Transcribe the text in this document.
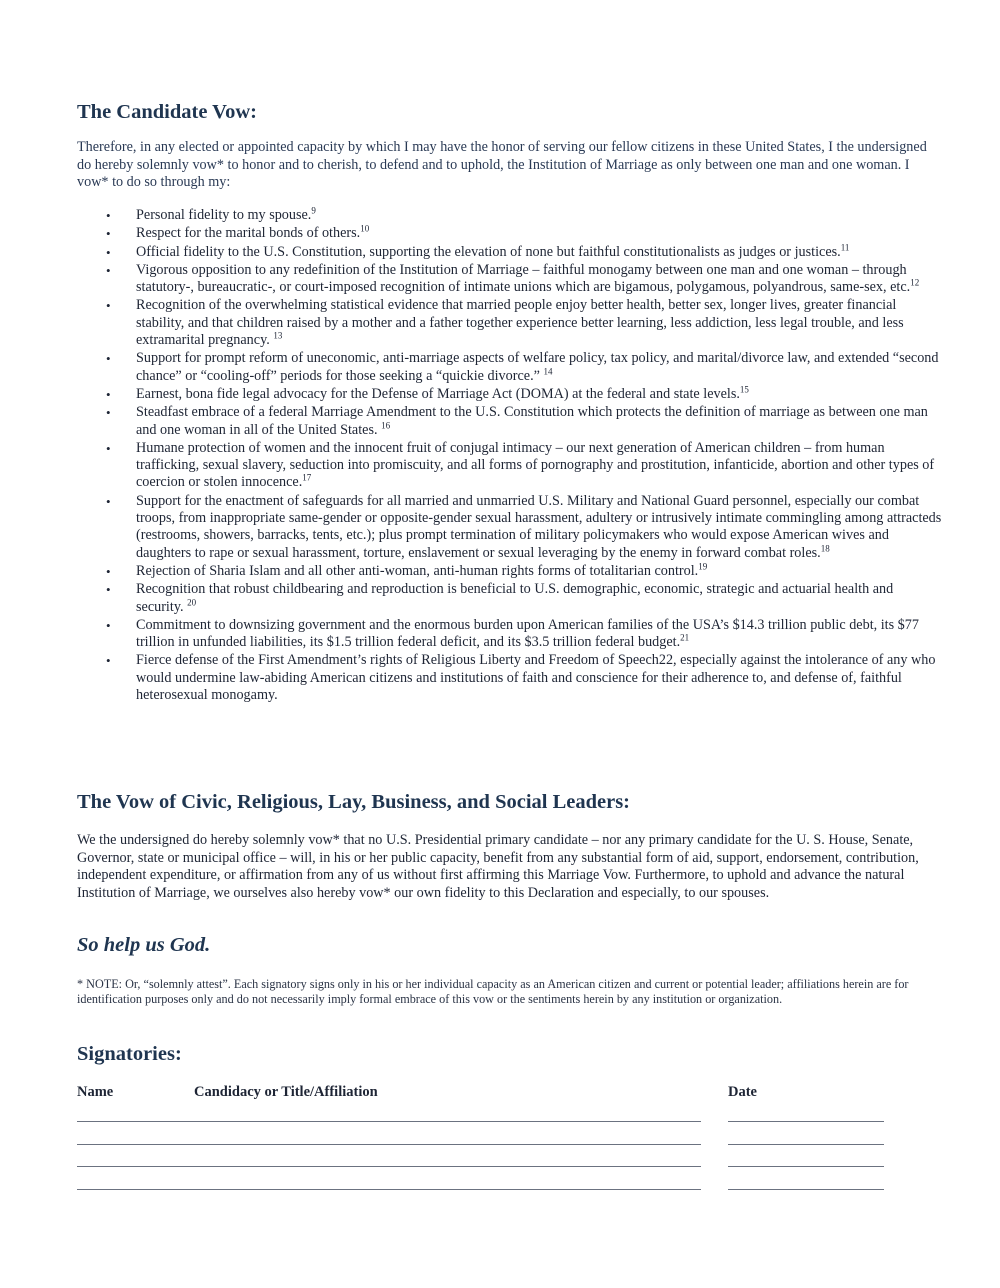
The Candidate Vow:

Therefore, in any elected or appointed capacity by which I may have the honor of serving our fellow citizens in these United States, I the undersigned do hereby solemnly vow* to honor and to cherish, to defend and to uphold, the Institution of Marriage as only between one man and one woman. I vow* to do so through my:

• Personal fidelity to my spouse.$^9$
• Respect for the marital bonds of others.$^{10}$
• Official fidelity to the U.S. Constitution, supporting the elevation of none but faithful constitutionalists as judges or justices.$^{11}$
• Vigorous opposition to any redefinition of the Institution of Marriage – faithful monogamy between one man and one woman – through statutory-, bureaucratic-, or court-imposed recognition of intimate unions which are bigamous, polygamous, polyandrous, same-sex, etc.$^{12}$
• Recognition of the overwhelming statistical evidence that married people enjoy better health, better sex, longer lives, greater financial stability, and that children raised by a mother and a father together experience better learning, less addiction, less legal trouble, and less extramarital pregnancy. $^{13}$
• Support for prompt reform of uneconomic, anti-marriage aspects of welfare policy, tax policy, and marital/divorce law, and extended “second chance” or “cooling-off” periods for those seeking a “quickie divorce.” $^{14}$
• Earnest, bona fide legal advocacy for the Defense of Marriage Act (DOMA) at the federal and state levels.$^{15}$
• Steadfast embrace of a federal Marriage Amendment to the U.S. Constitution which protects the definition of marriage as between one man and one woman in all of the United States. $^{16}$
• Humane protection of women and the innocent fruit of conjugal intimacy – our next generation of American children – from human trafficking, sexual slavery, seduction into promiscuity, and all forms of pornography and prostitution, infanticide, abortion and other types of coercion or stolen innocence.$^{17}$
• Support for the enactment of safeguards for all married and unmarried U.S. Military and National Guard personnel, especially our combat troops, from inappropriate same-gender or opposite-gender sexual harassment, adultery or intrusively intimate commingling among attracteds (restrooms, showers, barracks, tents, etc.); plus prompt termination of military policymakers who would expose American wives and daughters to rape or sexual harassment, torture, enslavement or sexual leveraging by the enemy in forward combat roles.$^{18}$
• Rejection of Sharia Islam and all other anti-woman, anti-human rights forms of totalitarian control.$^{19}$
• Recognition that robust childbearing and reproduction is beneficial to U.S. demographic, economic, strategic and actuarial health and security. $^{20}$
• Commitment to downsizing government and the enormous burden upon American families of the USA’s $14.3 trillion public debt, its $77 trillion in unfunded liabilities, its $1.5 trillion federal deficit, and its $3.5 trillion federal budget.$^{21}$
• Fierce defense of the First Amendment’s rights of Religious Liberty and Freedom of Speech22, especially against the intolerance of any who would undermine law-abiding American citizens and institutions of faith and conscience for their adherence to, and defense of, faithful heterosexual monogamy.
The Vow of Civic, Religious, Lay, Business, and Social Leaders:

We the undersigned do hereby solemnly vow* that no U.S. Presidential primary candidate – nor any primary candidate for the U. S. House, Senate, Governor, state or municipal office – will, in his or her public capacity, benefit from any substantial form of aid, support, endorsement, contribution, independent expenditure, or affirmation from any of us without first affirming this Marriage Vow. Furthermore, to uphold and advance the natural Institution of Marriage, we ourselves also hereby vow* our own fidelity to this Declaration and especially, to our spouses.

So help us God.

* NOTE: Or, “solemnly attest”. Each signatory signs only in his or her individual capacity as an American citizen and current or potential leader; affiliations herein are for identification purposes only and do not necessarily imply formal embrace of this vow or the sentiments herein by any institution or organization.

Signatories:
Name	Candidacy or Title/Affiliation	Date
